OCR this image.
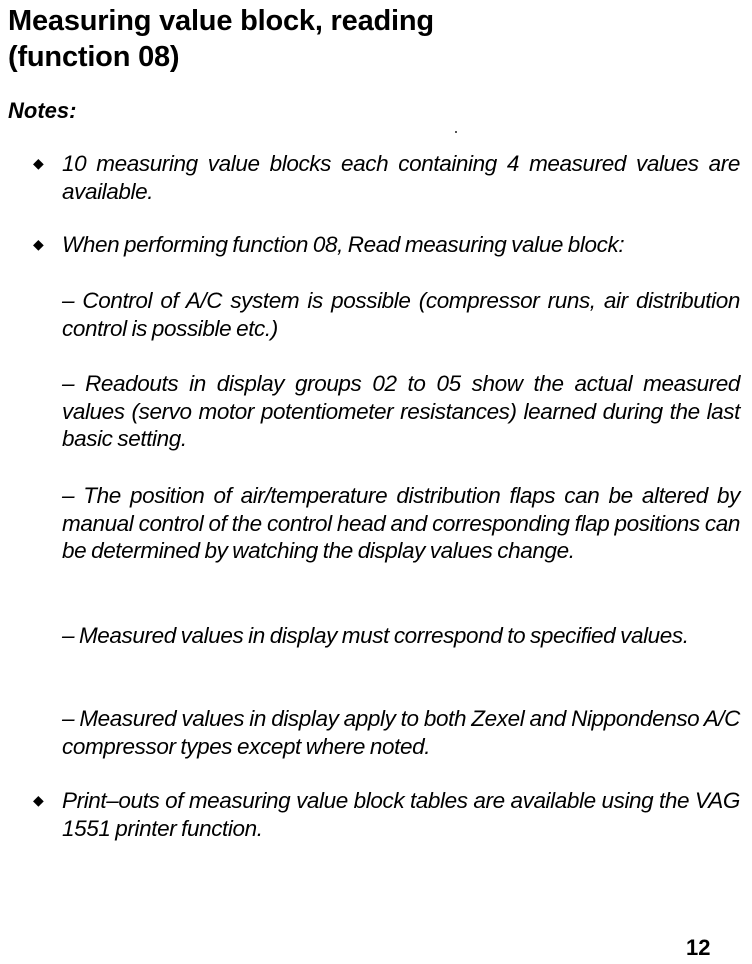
Measuring value block, reading
(function 08)
Notes:
◆ 10 measuring value blocks each containing 4 measured values are available.

◆ When performing function 08, Read measuring value block:

– Control of A/C system is possible (compressor runs, air distribution control is possible etc.)

– Readouts in display groups 02 to 05 show the actual measured values (servo motor potentiometer resistances) learned during the last basic setting.

– The position of air/temperature distribution flaps can be altered by manual control of the control head and corresponding flap positions can be determined by watching the display values change.

– Measured values in display must correspond to specified values.

– Measured values in display apply to both Zexel and Nippondenso A/C compressor types except where noted.

◆ Print–outs of measuring value block tables are available using the VAG 1551 printer function.

12
